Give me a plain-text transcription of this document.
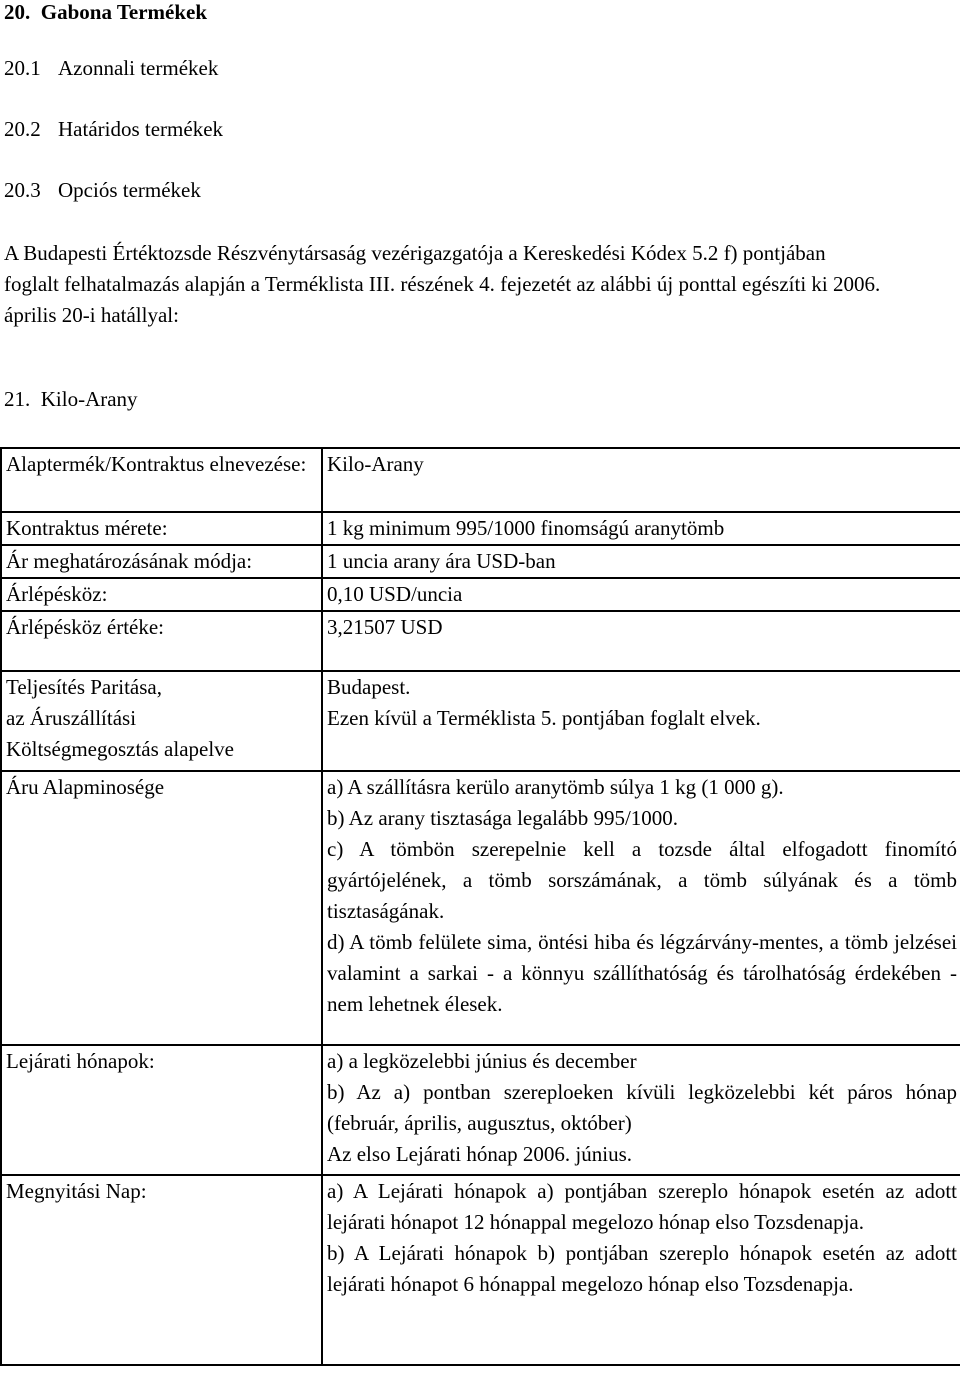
20. Gabona Termékek
20.1 Azonnali termékek
20.2 Határidos termékek
20.3 Opciós termékek
A Budapesti Értéktozsde Részvénytársaság vezérigazgatója a Kereskedési Kódex 5.2 f) pontjában
foglalt felhatalmazás alapján a Terméklista III. részének 4. fejezetét az alábbi új ponttal egészíti ki 2006.
április 20-i hatállyal:
21. Kilo-Arany
Alaptermék/Kontraktus elnevezése:	Kilo-Arany
Kontraktus mérete:	1 kg minimum 995/1000 finomságú aranytömb
Ár meghatározásának módja:	1 uncia arany ára USD-ban
Árlépésköz:	0,10 USD/uncia
Árlépésköz értéke:	3,21507 USD

Teljesítés Paritása,
az Áruszállítási
Költségmegosztás alapelve	Budapest.
Ezen kívül a Terméklista 5. pontjában foglalt elvek.

Áru Alapminosége	a) A szállításra kerülo aranytömb súlya 1 kg (1 000 g).
b) Az arany tisztasága legalább 995/1000.
c) A tömbön szerepelnie kell a tozsde által elfogadott finomító gyártójelének, a tömb sorszámának, a tömb súlyának és a tömb tisztaságának.
d) A tömb felülete sima, öntési hiba és légzárvány-mentes, a tömb jelzései valamint a sarkai - a könnyu szállíthatóság és tárolhatóság érdekében - nem lehetnek élesek.

Lejárati hónapok:	a) a legközelebbi június és december
b) Az a) pontban szereploeken kívüli legközelebbi két páros hónap (február, április, augusztus, október)
Az elso Lejárati hónap 2006. június.

Megnyitási Nap:	a) A Lejárati hónapok a) pontjában szereplo hónapok esetén az adott lejárati hónapot 12 hónappal megelozo hónap elso Tozsdenapja.
b) A Lejárati hónapok b) pontjában szereplo hónapok esetén az adott lejárati hónapot 6 hónappal megelozo hónap elso Tozsdenapja.
